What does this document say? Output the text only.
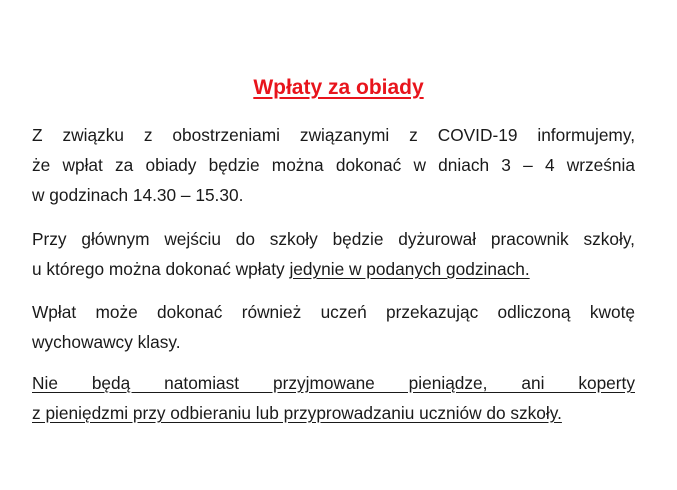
Wpłaty za obiady
Z związku z obostrzeniami związanymi z COVID-19 informujemy,
że wpłat za obiady będzie można dokonać w dniach 3 – 4 września
w godzinach 14.30 – 15.30.
Przy głównym wejściu do szkoły będzie dyżurował pracownik szkoły,
u którego można dokonać wpłaty jedynie w podanych godzinach.
Wpłat może dokonać również uczeń przekazując odliczoną kwotę
wychowawcy klasy.
Nie będą natomiast przyjmowane pieniądze, ani koperty
z pieniędzmi przy odbieraniu lub przyprowadzaniu uczniów do szkoły.
